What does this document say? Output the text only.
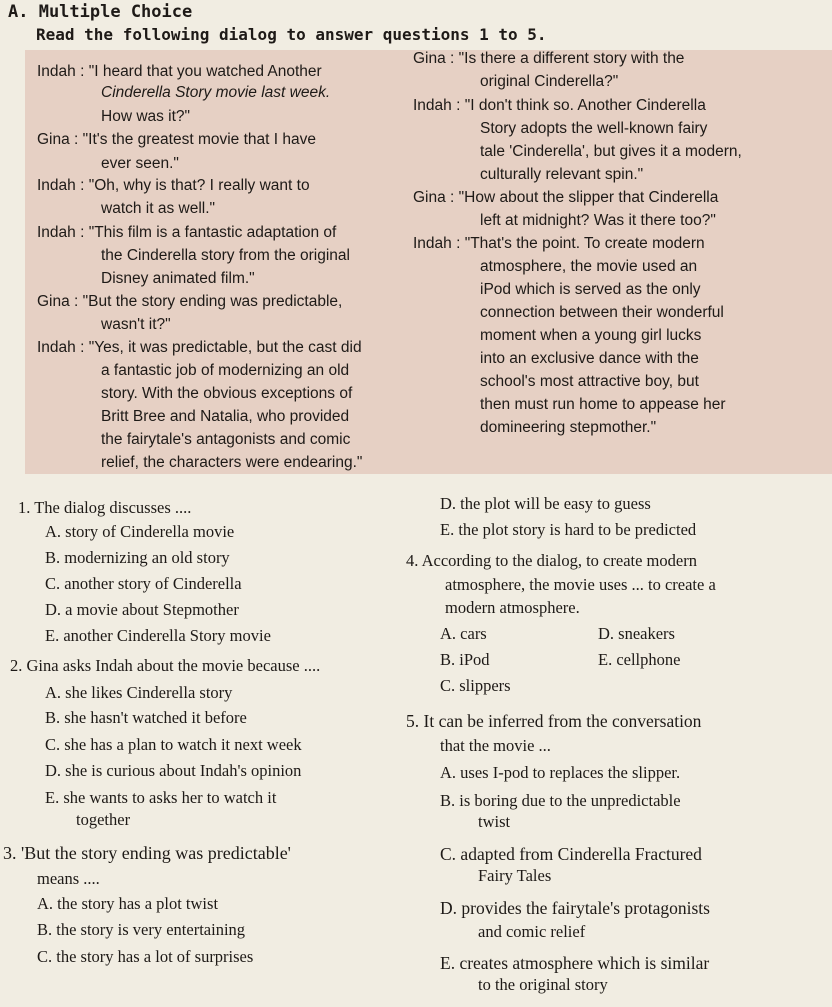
A. Multiple Choice
Read the following dialog to answer questions 1 to 5.
Indah : "I heard that you watched Another
Cinderella Story movie last week.
How was it?"
Gina : "It's the greatest movie that I have
ever seen."
Indah : "Oh, why is that? I really want to
watch it as well."
Indah : "This film is a fantastic adaptation of
the Cinderella story from the original
Disney animated film."
Gina : "But the story ending was predictable,
wasn't it?"
Indah : "Yes, it was predictable, but the cast did
a fantastic job of modernizing an old
story. With the obvious exceptions of
Britt Bree and Natalia, who provided
the fairytale's antagonists and comic
relief, the characters were endearing."
Gina : "Is there a different story with the
original Cinderella?"
Indah : "I don't think so. Another Cinderella
Story adopts the well-known fairy
tale 'Cinderella', but gives it a modern,
culturally relevant spin."
Gina : "How about the slipper that Cinderella
left at midnight? Was it there too?"
Indah : "That's the point. To create modern
atmosphere, the movie used an
iPod which is served as the only
connection between their wonderful
moment when a young girl lucks
into an exclusive dance with the
school's most attractive boy, but
then must run home to appease her
domineering stepmother."
1. The dialog discusses ....
A. story of Cinderella movie
B. modernizing an old story
C. another story of Cinderella
D. a movie about Stepmother
E. another Cinderella Story movie
2. Gina asks Indah about the movie because ....
A. she likes Cinderella story
B. she hasn't watched it before
C. she has a plan to watch it next week
D. she is curious about Indah's opinion
E. she wants to asks her to watch it
together
3. 'But the story ending was predictable'
means ....
A. the story has a plot twist
B. the story is very entertaining
C. the story has a lot of surprises
D. the plot will be easy to guess
E. the plot story is hard to be predicted
4. According to the dialog, to create modern
atmosphere, the movie uses ... to create a
modern atmosphere.
A. cars	D. sneakers
B. iPod	E. cellphone
C. slippers
5. It can be inferred from the conversation
that the movie ...
A. uses I-pod to replaces the slipper.
B. is boring due to the unpredictable
twist
C. adapted from Cinderella Fractured
Fairy Tales
D. provides the fairytale's protagonists
and comic relief
E. creates atmosphere which is similar
to the original story
